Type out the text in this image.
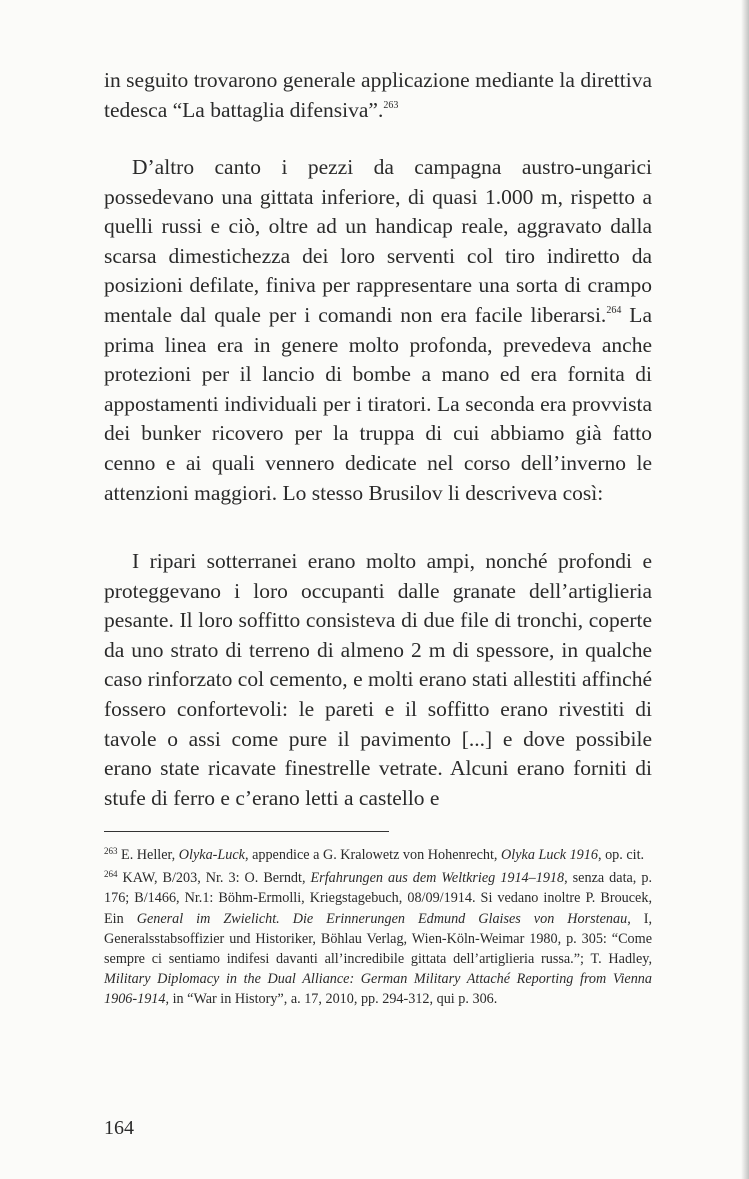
in seguito trovarono generale applicazione mediante la direttiva tedesca “La battaglia difensiva”.$^{263}$

D’altro canto i pezzi da campagna austro-ungarici possedevano una gittata inferiore, di quasi 1.000 m, rispetto a quelli russi e ciò, oltre ad un handicap reale, aggravato dalla scarsa dimestichezza dei loro serventi col tiro indiretto da posizioni defilate, finiva per rappresentare una sorta di crampo mentale dal quale per i comandi non era facile liberarsi.$^{264}$ La prima linea era in genere molto profonda, prevedeva anche protezioni per il lancio di bombe a mano ed era fornita di appostamenti individuali per i tiratori. La seconda era provvista dei bunker ricovero per la truppa di cui abbiamo già fatto cenno e ai quali vennero dedicate nel corso dell’inverno le attenzioni maggiori. Lo stesso Brusilov li descriveva così:

I ripari sotterranei erano molto ampi, nonché profondi e proteggevano i loro occupanti dalle granate dell’artiglieria pesante. Il loro soffitto consisteva di due file di tronchi, coperte da uno strato di terreno di almeno 2 m di spessore, in qualche caso rinforzato col cemento, e molti erano stati allestiti affinché fossero confortevoli: le pareti e il soffitto erano rivestiti di tavole o assi come pure il pavimento [...] e dove possibile erano state ricavate finestrelle vetrate. Alcuni erano forniti di stufe di ferro e c’erano letti a castello e

$^{263}$ E. Heller, Olyka-Luck, appendice a G. Kralowetz von Hohenrecht, Olyka Luck 1916, op. cit.

$^{264}$ KAW, B/203, Nr. 3: O. Berndt, Erfahrungen aus dem Weltkrieg 1914–1918, senza data, p. 176; B/1466, Nr.1: Böhm-Ermolli, Kriegstagebuch, 08/09/1914. Si vedano inoltre P. Broucek, Ein General im Zwielicht. Die Erinnerungen Edmund Glaises von Horstenau, I, Generalsstabsoffizier und Historiker, Böhlau Verlag, Wien-Köln-Weimar 1980, p. 305: “Come sempre ci sentiamo indifesi davanti all’incredibile gittata dell’artiglieria russa.”; T. Hadley, Military Diplomacy in the Dual Alliance: German Military Attaché Reporting from Vienna 1906-1914, in “War in History”, a. 17, 2010, pp. 294-312, qui p. 306.

164
